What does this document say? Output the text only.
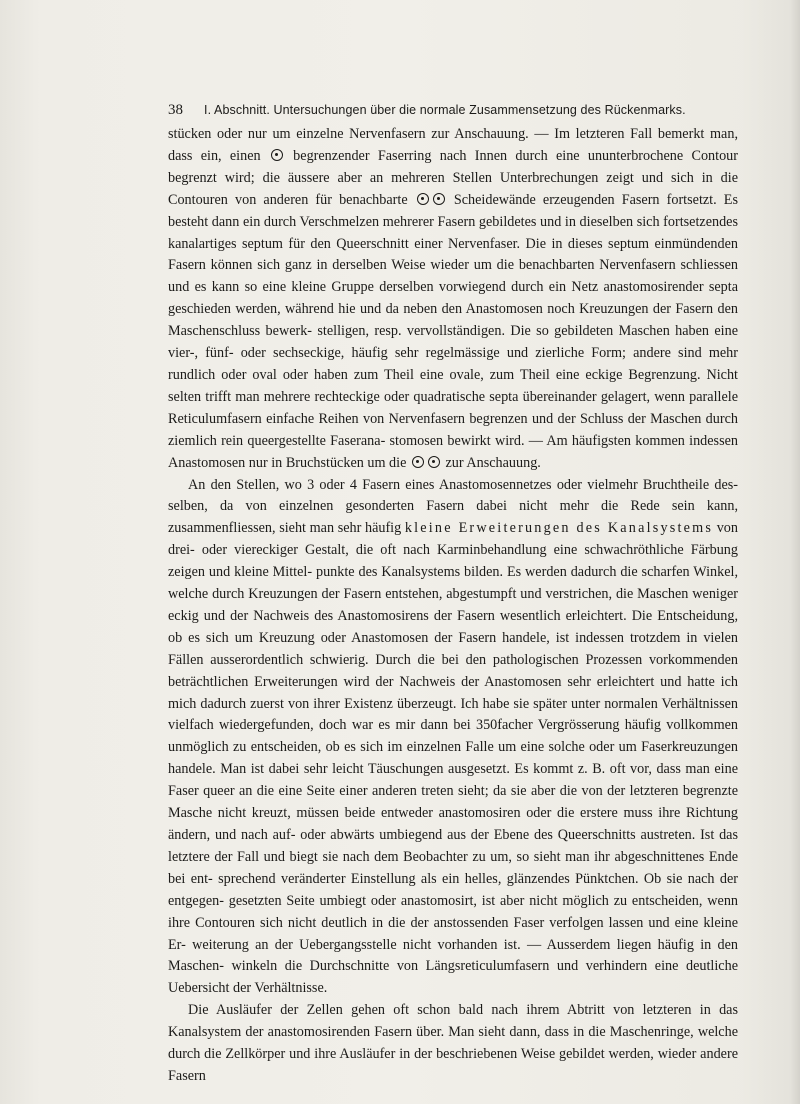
38 I. Abschnitt. Untersuchungen über die normale Zusammensetzung des Rückenmarks.

stücken oder nur um einzelne Nervenfasern zur Anschauung. — Im letzteren Fall bemerkt man, dass ein, einen  begrenzender Faserring nach Innen durch eine ununterbrochene Contour begrenzt wird; die äussere aber an mehreren Stellen Unterbrechungen zeigt und sich in die Contouren von anderen für benachbarte  Scheidewände erzeugenden Fasern fortsetzt. Es besteht dann ein durch Verschmelzen mehrerer Fasern gebildetes und in dieselben sich fortsetzendes kanalartiges septum für den Queerschnitt einer Nervenfaser. Die in dieses septum einmündenden Fasern können sich ganz in derselben Weise wieder um die benachbarten Nervenfasern schliessen und es kann so eine kleine Gruppe derselben vorwiegend durch ein Netz anastomosirender septa geschieden werden, während hie und da neben den Anastomosen noch Kreuzungen der Fasern den Maschenschluss bewerk- stelligen, resp. vervollständigen. Die so gebildeten Maschen haben eine vier-, fünf- oder sechseckige, häufig sehr regelmässige und zierliche Form; andere sind mehr rundlich oder oval oder haben zum Theil eine ovale, zum Theil eine eckige Begrenzung. Nicht selten trifft man mehrere rechteckige oder quadratische septa übereinander gelagert, wenn parallele Reticulumfasern einfache Reihen von Nervenfasern begrenzen und der Schluss der Maschen durch ziemlich rein queergestellte Faserana- stomosen bewirkt wird. — Am häufigsten kommen indessen Anastomosen nur in Bruchstücken um die  zur Anschauung.

An den Stellen, wo 3 oder 4 Fasern eines Anastomosennetzes oder vielmehr Bruchtheile des- selben, da von einzelnen gesonderten Fasern dabei nicht mehr die Rede sein kann, zusammenfliessen, sieht man sehr häufig kleine Erweiterungen des Kanalsystems von drei- oder viereckiger Gestalt, die oft nach Karminbehandlung eine schwachröthliche Färbung zeigen und kleine Mittel- punkte des Kanalsystems bilden. Es werden dadurch die scharfen Winkel, welche durch Kreuzungen der Fasern entstehen, abgestumpft und verstrichen, die Maschen weniger eckig und der Nachweis des Anastomosirens der Fasern wesentlich erleichtert. Die Entscheidung, ob es sich um Kreuzung oder Anastomosen der Fasern handele, ist indessen trotzdem in vielen Fällen ausserordentlich schwierig. Durch die bei den pathologischen Prozessen vorkommenden beträchtlichen Erweiterungen wird der Nachweis der Anastomosen sehr erleichtert und hatte ich mich dadurch zuerst von ihrer Existenz überzeugt. Ich habe sie später unter normalen Verhältnissen vielfach wiedergefunden, doch war es mir dann bei 350facher Vergrösserung häufig vollkommen unmöglich zu entscheiden, ob es sich im einzelnen Falle um eine solche oder um Faserkreuzungen handele. Man ist dabei sehr leicht Täuschungen ausgesetzt. Es kommt z. B. oft vor, dass man eine Faser queer an die eine Seite einer anderen treten sieht; da sie aber die von der letzteren begrenzte Masche nicht kreuzt, müssen beide entweder anastomosiren oder die erstere muss ihre Richtung ändern, und nach auf- oder abwärts umbiegend aus der Ebene des Queerschnitts austreten. Ist das letztere der Fall und biegt sie nach dem Beobachter zu um, so sieht man ihr abgeschnittenes Ende bei ent- sprechend veränderter Einstellung als ein helles, glänzendes Pünktchen. Ob sie nach der entgegen- gesetzten Seite umbiegt oder anastomosirt, ist aber nicht möglich zu entscheiden, wenn ihre Contouren sich nicht deutlich in die der anstossenden Faser verfolgen lassen und eine kleine Er- weiterung an der Uebergangsstelle nicht vorhanden ist. — Ausserdem liegen häufig in den Maschen- winkeln die Durchschnitte von Längsreticulumfasern und verhindern eine deutliche Uebersicht der Verhältnisse.

Die Ausläufer der Zellen gehen oft schon bald nach ihrem Abtritt von letzteren in das Kanalsystem der anastomosirenden Fasern über. Man sieht dann, dass in die Maschenringe, welche durch die Zellkörper und ihre Ausläufer in der beschriebenen Weise gebildet werden, wieder andere Fasern
